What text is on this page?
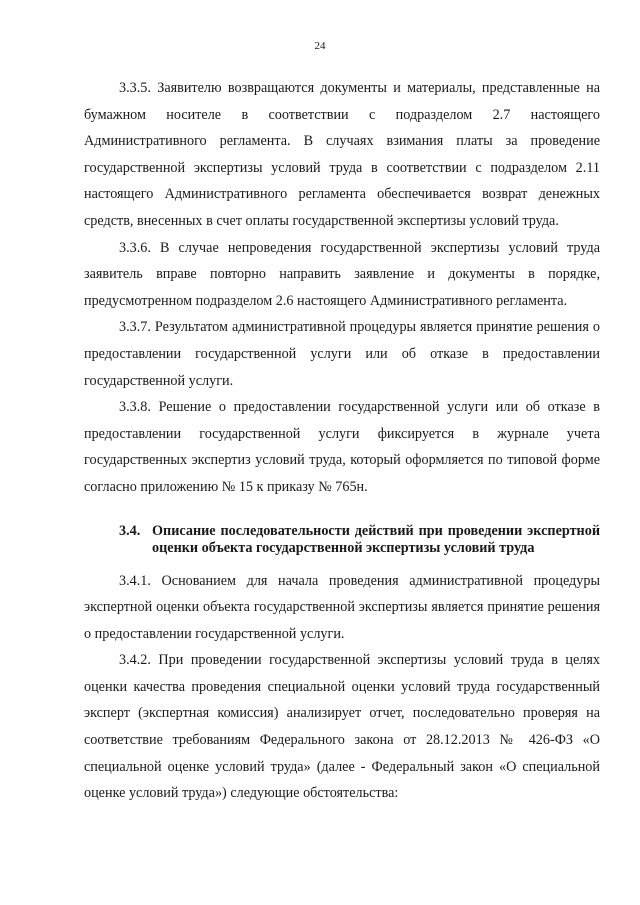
24

3.3.5. Заявителю возвращаются документы и материалы, представленные на бумажном носителе в соответствии с подразделом 2.7 настоящего Административного регламента. В случаях взимания платы за проведение государственной экспертизы условий труда в соответствии с подразделом 2.11 настоящего Административного регламента обеспечивается возврат денежных средств, внесенных в счет оплаты государственной экспертизы условий труда.

3.3.6. В случае непроведения государственной экспертизы условий труда заявитель вправе повторно направить заявление и документы в порядке, предусмотренном подразделом 2.6 настоящего Административного регламента.

3.3.7. Результатом административной процедуры является принятие решения о предоставлении государственной услуги или об отказе в предоставлении государственной услуги.

3.3.8. Решение о предоставлении государственной услуги или об отказе в предоставлении государственной услуги фиксируется в журнале учета государственных экспертиз условий труда, который оформляется по типовой форме согласно приложению № 15 к приказу № 765н.

3.4. Описание последовательности действий при проведении экспертной оценки объекта государственной экспертизы условий труда

3.4.1. Основанием для начала проведения административной процедуры экспертной оценки объекта государственной экспертизы является принятие решения о предоставлении государственной услуги.

3.4.2. При проведении государственной экспертизы условий труда в целях оценки качества проведения специальной оценки условий труда государственный эксперт (экспертная комиссия) анализирует отчет, последовательно проверяя на соответствие требованиям Федерального закона от 28.12.2013 № 426-ФЗ «О специальной оценке условий труда» (далее - Федеральный закон «О специальной оценке условий труда») следующие обстоятельства:
